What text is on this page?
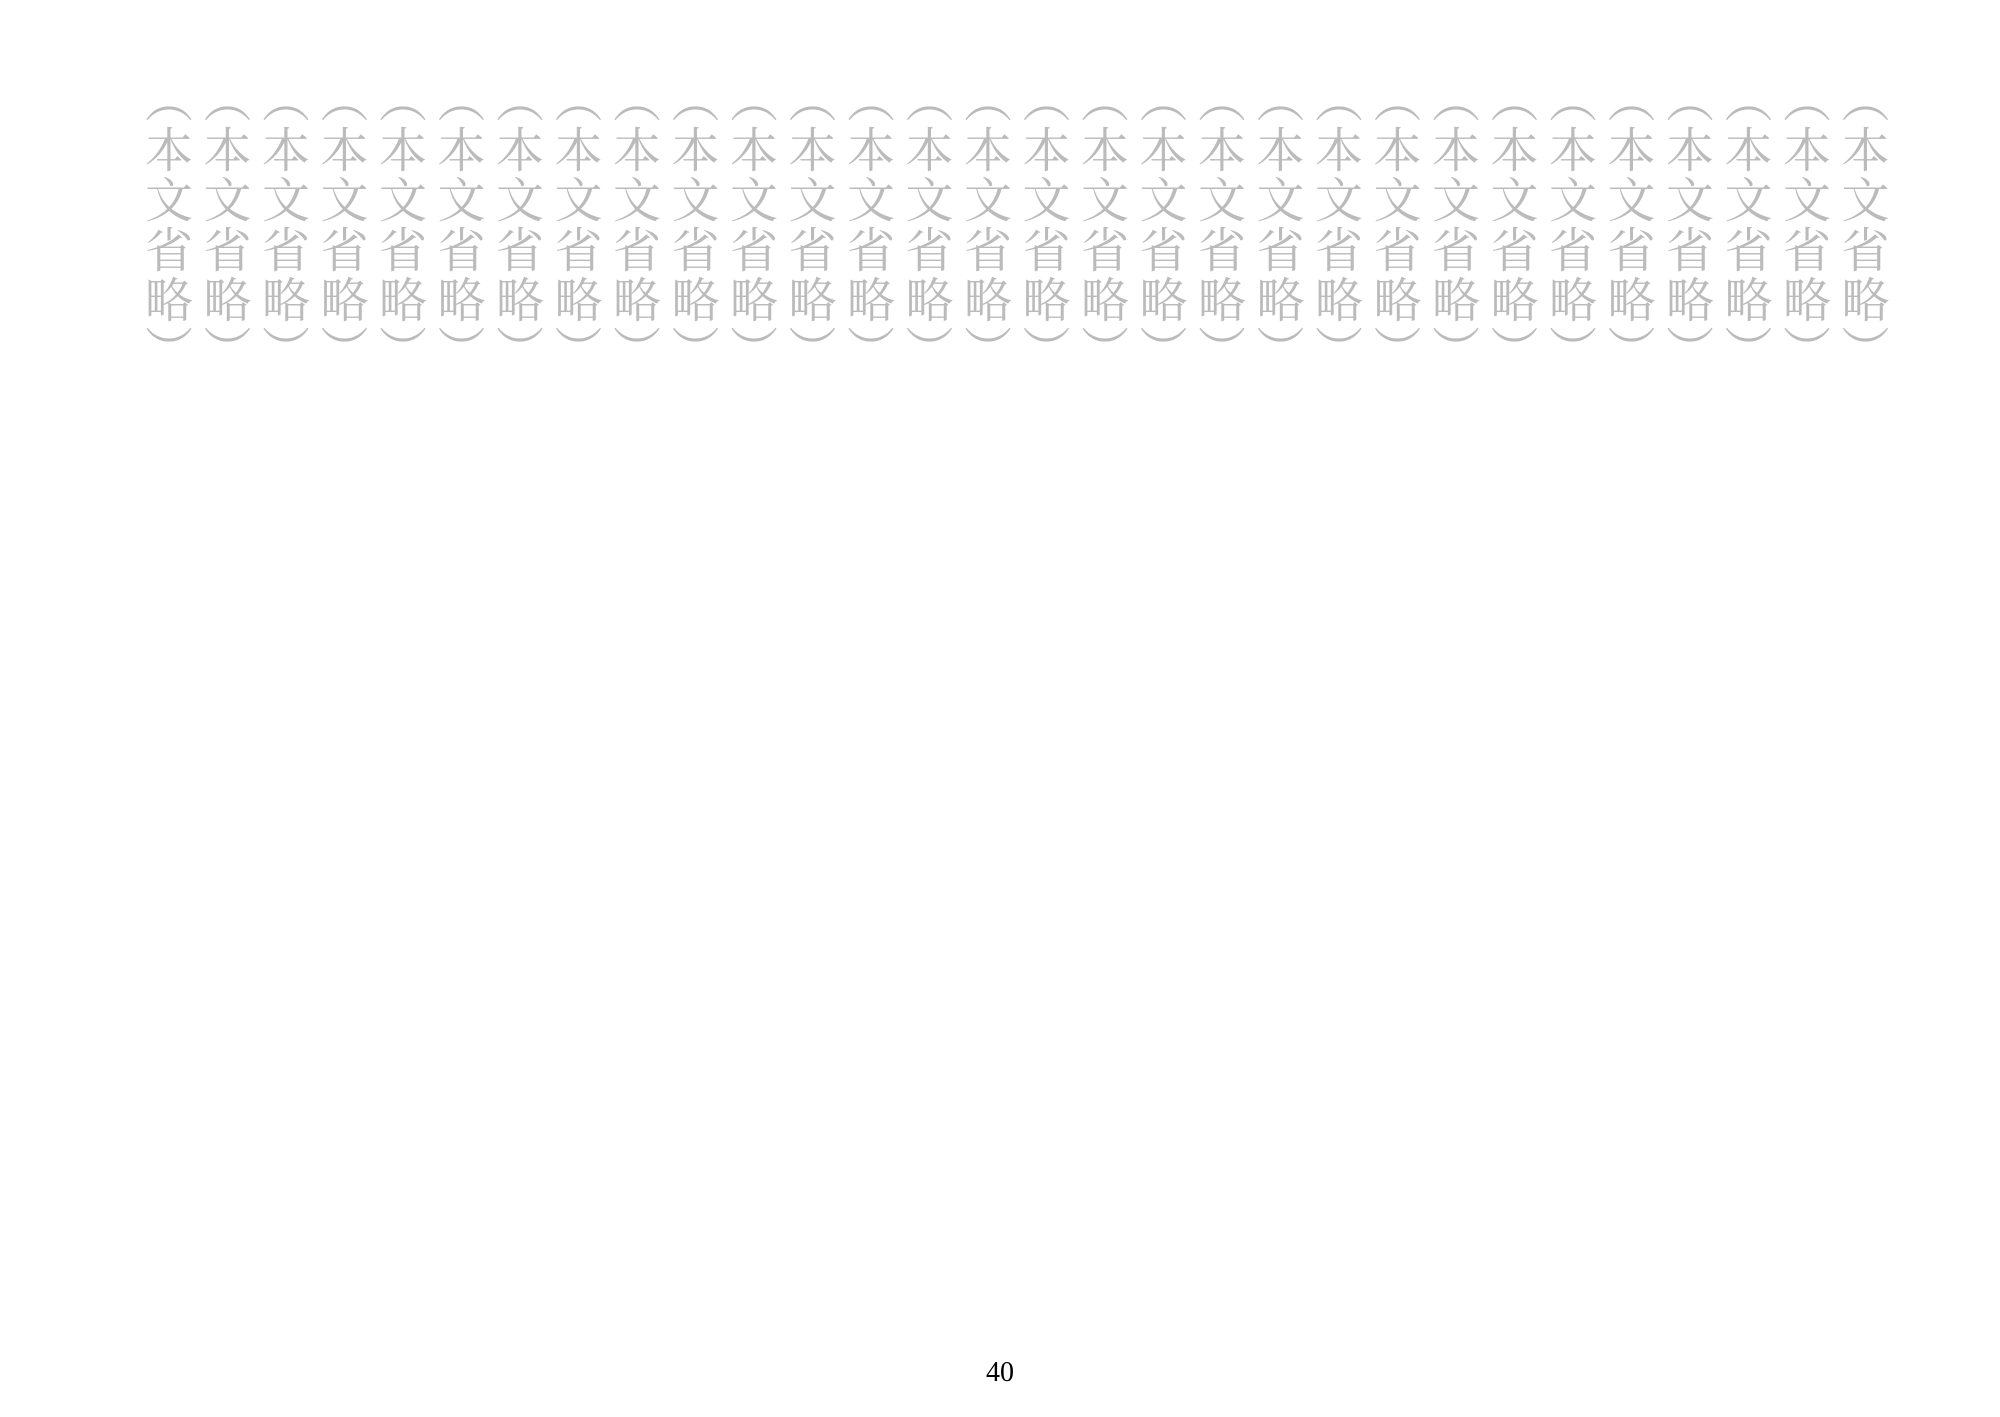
（本文省略）

（本文省略）

（本文省略）

（本文省略）

（本文省略）

（本文省略）

（本文省略）

（本文省略）

（本文省略）

（本文省略）

（本文省略）

（本文省略）

（本文省略）

（本文省略）

（本文省略）

（本文省略）

（本文省略）

（本文省略）

（本文省略）

（本文省略）

（本文省略）

（本文省略）

（本文省略）

（本文省略）

（本文省略）

（本文省略）

（本文省略）

（本文省略）

（本文省略）

（本文省略）

40
